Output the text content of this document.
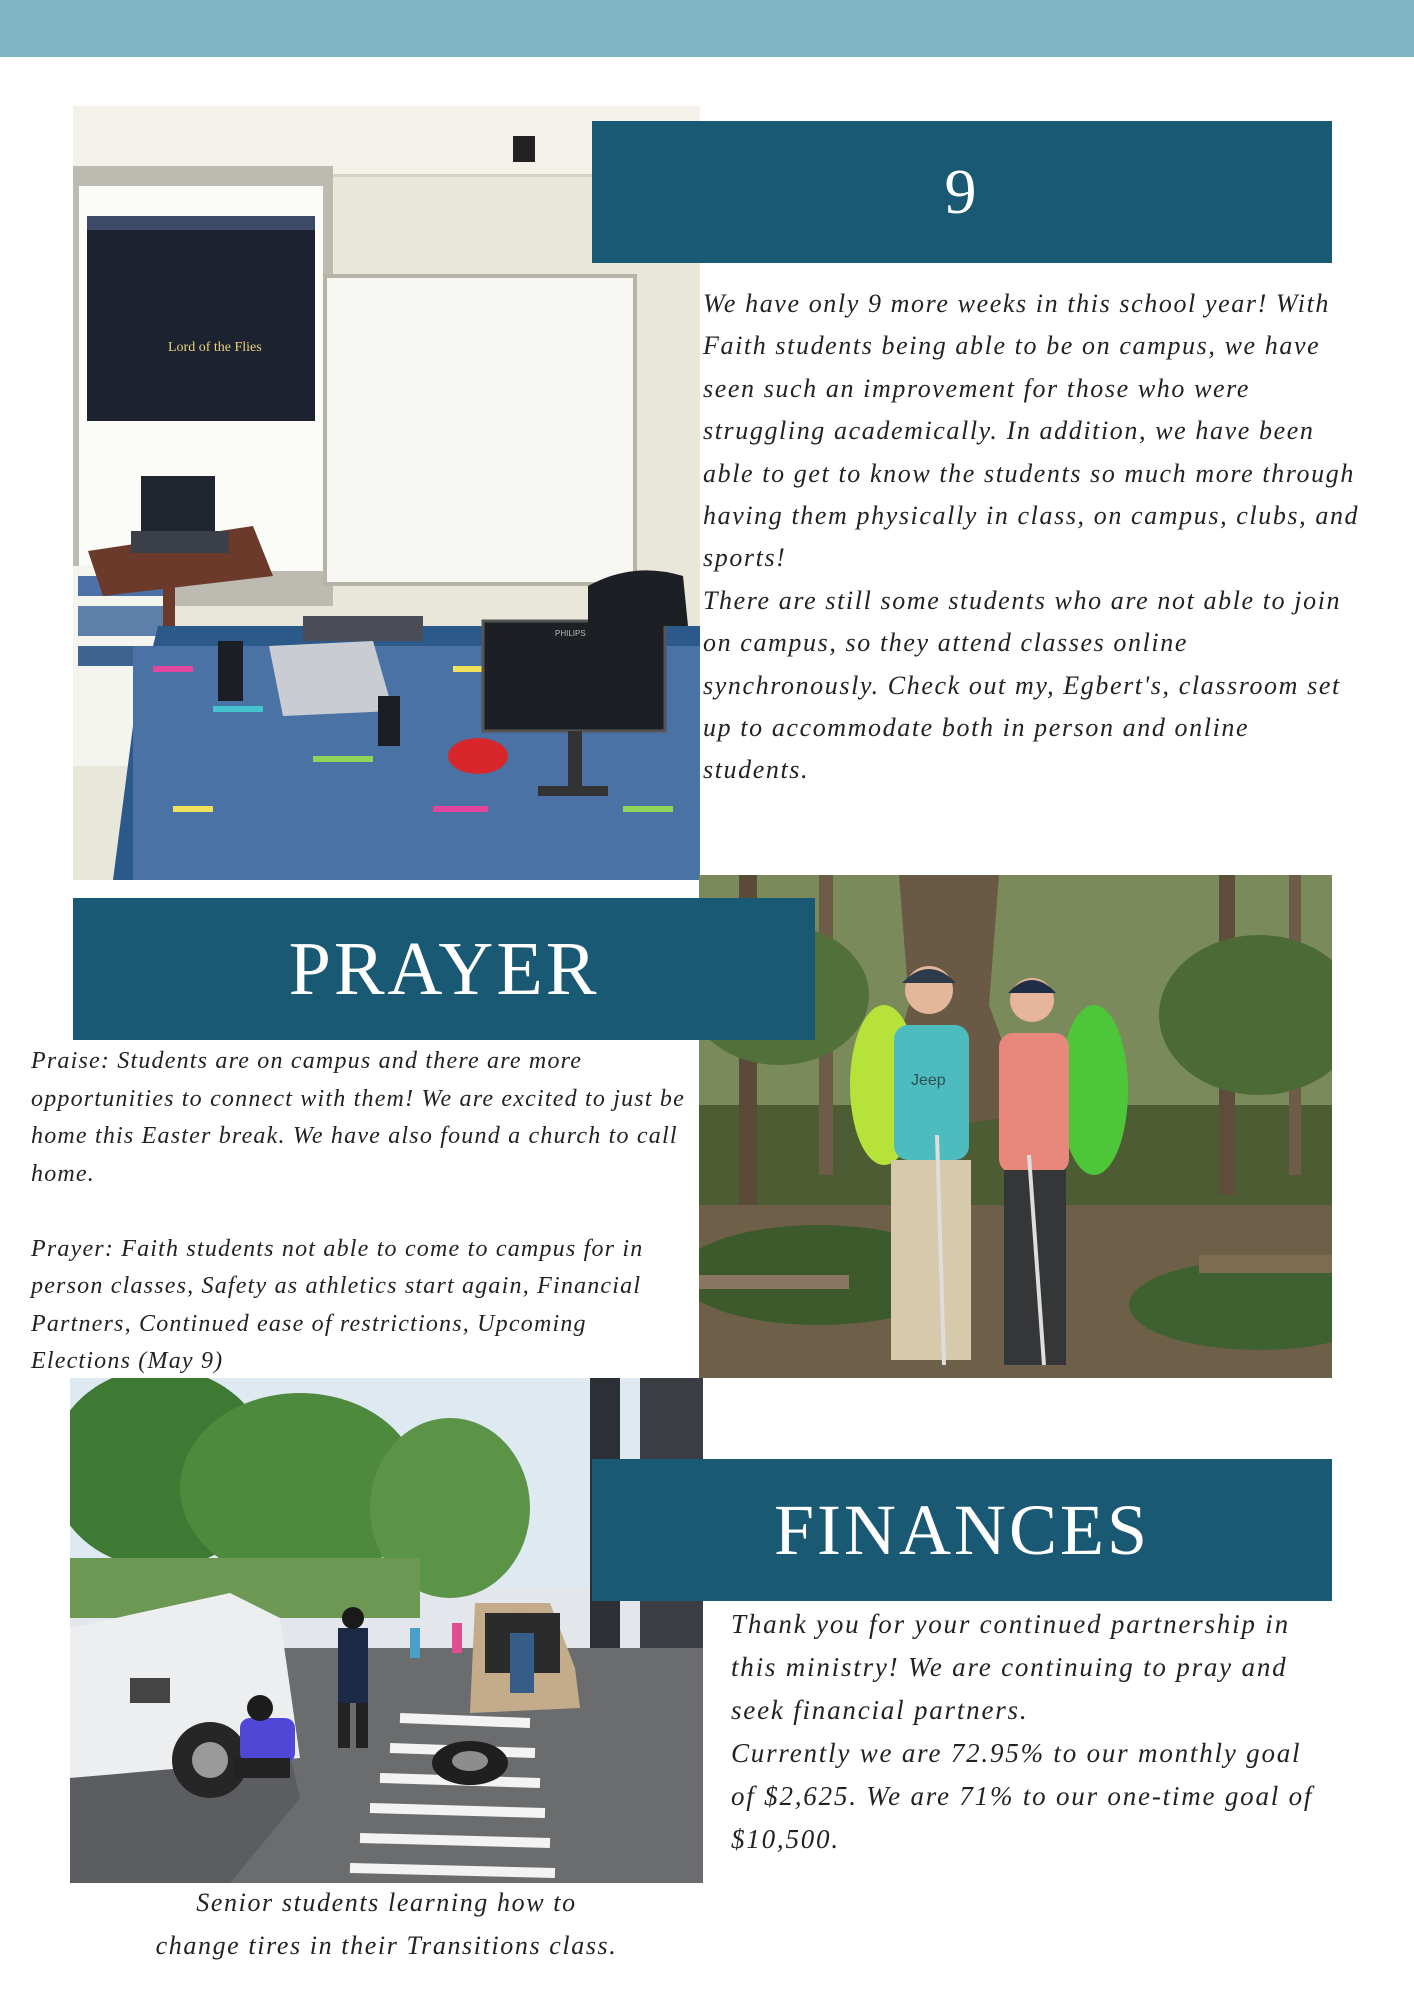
Lord of the Flies
PHILIPS
9

We have only 9 more weeks in this school year! With Faith students being able to be on campus, we have seen such an improvement for those who were struggling academically. In addition, we have been able to get to know the students so much more through having them physically in class, on campus, clubs, and sports!

There are still some students who are not able to join on campus, so they attend classes online synchronously. Check out my, Egbert's, classroom set up to accommodate both in person and online students.

Jeep
PRAYER

Praise: Students are on campus and there are more opportunities to connect with them! We are excited to just be home this Easter break. We have also found a church to call home.

Prayer: Faith students not able to come to campus for in person classes, Safety as athletics start again, Financial Partners, Continued ease of restrictions, Upcoming Elections (May 9)

Senior students learning how to
change tires in their Transitions class.
FINANCES

Thank you for your continued partnership in this ministry! We are continuing to pray and seek financial partners.

Currently we are 72.95% to our monthly goal of $2,625. We are 71% to our one-time goal of $10,500.
